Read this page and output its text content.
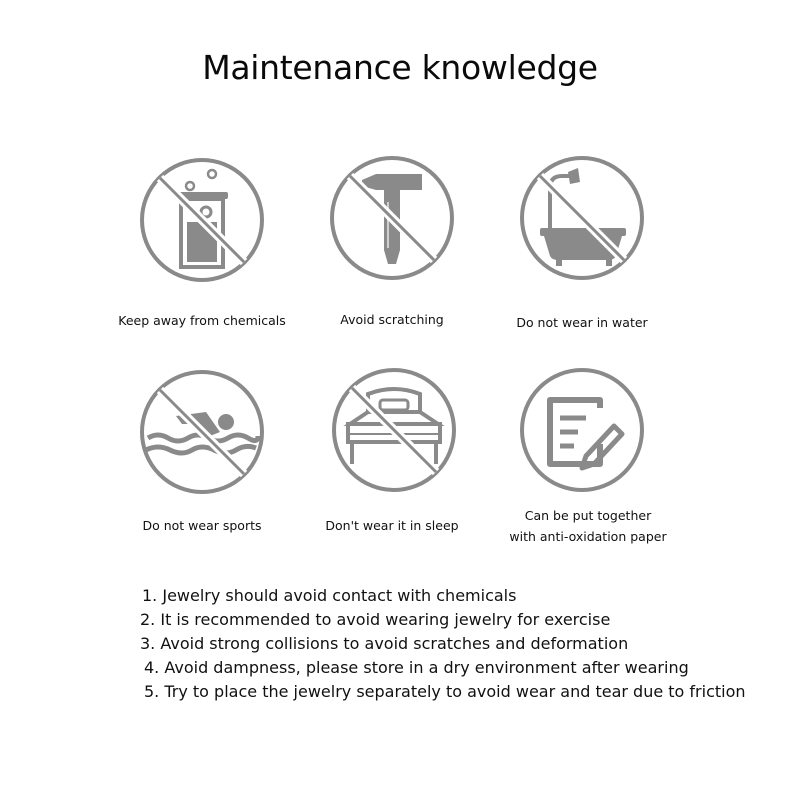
Maintenance knowledge
Keep away from chemicals	Avoid scratching	Do not wear in water
Do not wear sports	Don't wear it in sleep
Can be put together
with anti-oxidation paper
1. Jewelry should avoid contact with chemicals
2. It is recommended to avoid wearing jewelry for exercise
3. Avoid strong collisions to avoid scratches and deformation
4. Avoid dampness, please store in a dry environment after wearing
5. Try to place the jewelry separately to avoid wear and tear due to friction
